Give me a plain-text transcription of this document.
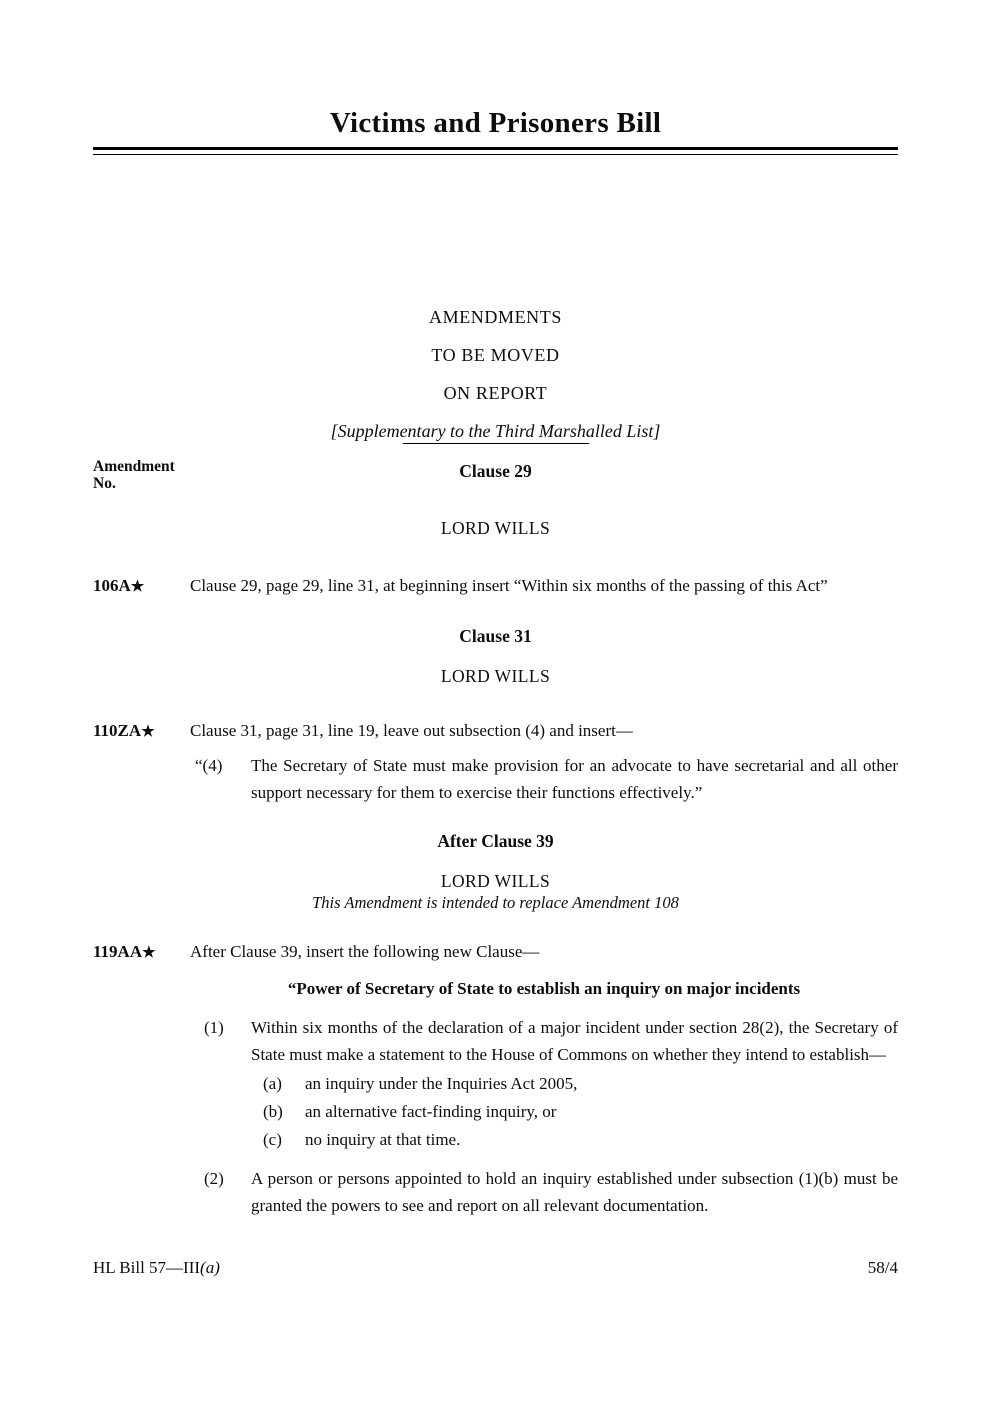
Victims and Prisoners Bill
AMENDMENTS
TO BE MOVED
ON REPORT
[Supplementary to the Third Marshalled List]
Amendment
No.
Clause 29
LORD WILLS
106A★	Clause 29, page 29, line 31, at beginning insert “Within six months of the passing of this Act”
Clause 31
LORD WILLS
110ZA★	Clause 31, page 31, line 19, leave out subsection (4) and insert—
“(4)	The Secretary of State must make provision for an advocate to have secretarial and all other support necessary for them to exercise their functions effectively.”
After Clause 39
LORD WILLS
This Amendment is intended to replace Amendment 108
119AA★	After Clause 39, insert the following new Clause—
“Power of Secretary of State to establish an inquiry on major incidents
(1)	Within six months of the declaration of a major incident under section 28(2), the Secretary of State must make a statement to the House of Commons on whether they intend to establish—
(a)	an inquiry under the Inquiries Act 2005,
(b)	an alternative fact-finding inquiry, or
(c)	no inquiry at that time.
(2)	A person or persons appointed to hold an inquiry established under subsection (1)(b) must be granted the powers to see and report on all relevant documentation.
HL Bill 57—III(a)	58/4
